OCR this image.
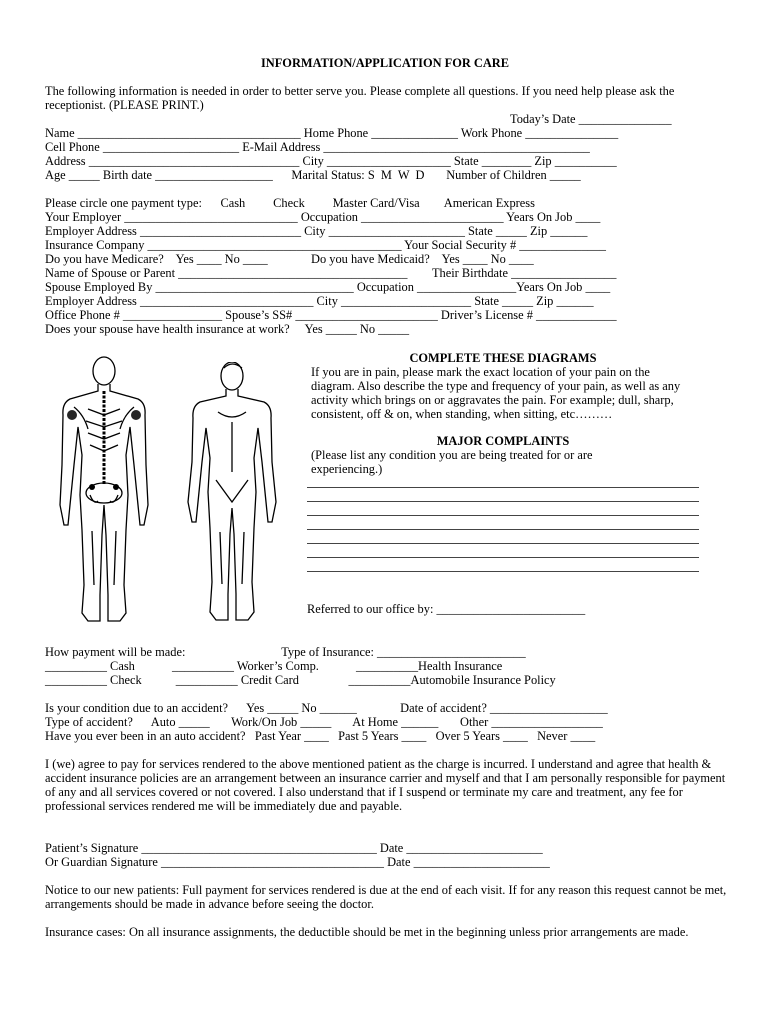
INFORMATION/APPLICATION FOR CARE
The following information is needed in order to better serve you. Please complete all questions. If you need help please ask the receptionist. (PLEASE PRINT.)
Today’s Date _______________
Name ____________________________________ Home Phone ______________ Work Phone _______________
Cell Phone ______________________ E-Mail Address ___________________________________________
Address __________________________________ City ____________________ State ________ Zip __________
Age _____ Birth date ___________________      Marital Status: S  M  W  D       Number of Children _____
Please circle one payment type:      Cash         Check         Master Card/Visa        American Express
Your Employer ____________________________ Occupation _______________________ Years On Job ____
Employer Address __________________________ City ______________________ State _____ Zip ______
Insurance Company _________________________________________ Your Social Security # ______________
Do you have Medicare?    Yes ____ No ____              Do you have Medicaid?    Yes ____ No ____
Name of Spouse or Parent _____________________________________        Their Birthdate _________________
Spouse Employed By ________________________________ Occupation ________________Years On Job ____
Employer Address ____________________________ City _____________________ State _____ Zip ______
Office Phone # ________________ Spouse’s SS# _______________________ Driver’s License # _____________
Does your spouse have health insurance at work?     Yes _____ No _____
COMPLETE THESE DIAGRAMS
If you are in pain, please mark the exact location of your pain on the diagram. Also describe the type and frequency of your pain, as well as any activity which brings on or aggravates the pain. For example; dull, sharp, consistent, off & on, when standing, when sitting, etc………
MAJOR COMPLAINTS
(Please list any condition you are being treated for or are experiencing.)
Referred to our office by: ________________________
How payment will be made:                               Type of Insurance: ________________________
__________ Cash            __________ Worker’s Comp.            __________Health Insurance
__________ Check           __________ Credit Card                __________Automobile Insurance Policy
Is your condition due to an accident?      Yes _____ No ______              Date of accident? ___________________
Type of accident?      Auto _____       Work/On Job _____       At Home ______       Other __________________
Have you ever been in an auto accident?   Past Year ____   Past 5 Years ____   Over 5 Years ____   Never ____
I (we) agree to pay for services rendered to the above mentioned patient as the charge is incurred. I understand and agree that health & accident insurance policies are an arrangement between an insurance carrier and myself and that I am personally responsible for payment of any and all services covered or not covered. I also understand that if I suspend or terminate my care and treatment, any fee for professional services rendered me will be immediately due and payable.
Patient’s Signature ______________________________________ Date ______________________
Or Guardian Signature ____________________________________ Date ______________________
Notice to our new patients: Full payment for services rendered is due at the end of each visit. If for any reason this request cannot be met, arrangements should be made in advance before seeing the doctor.
Insurance cases: On all insurance assignments, the deductible should be met in the beginning unless prior arrangements are made.
